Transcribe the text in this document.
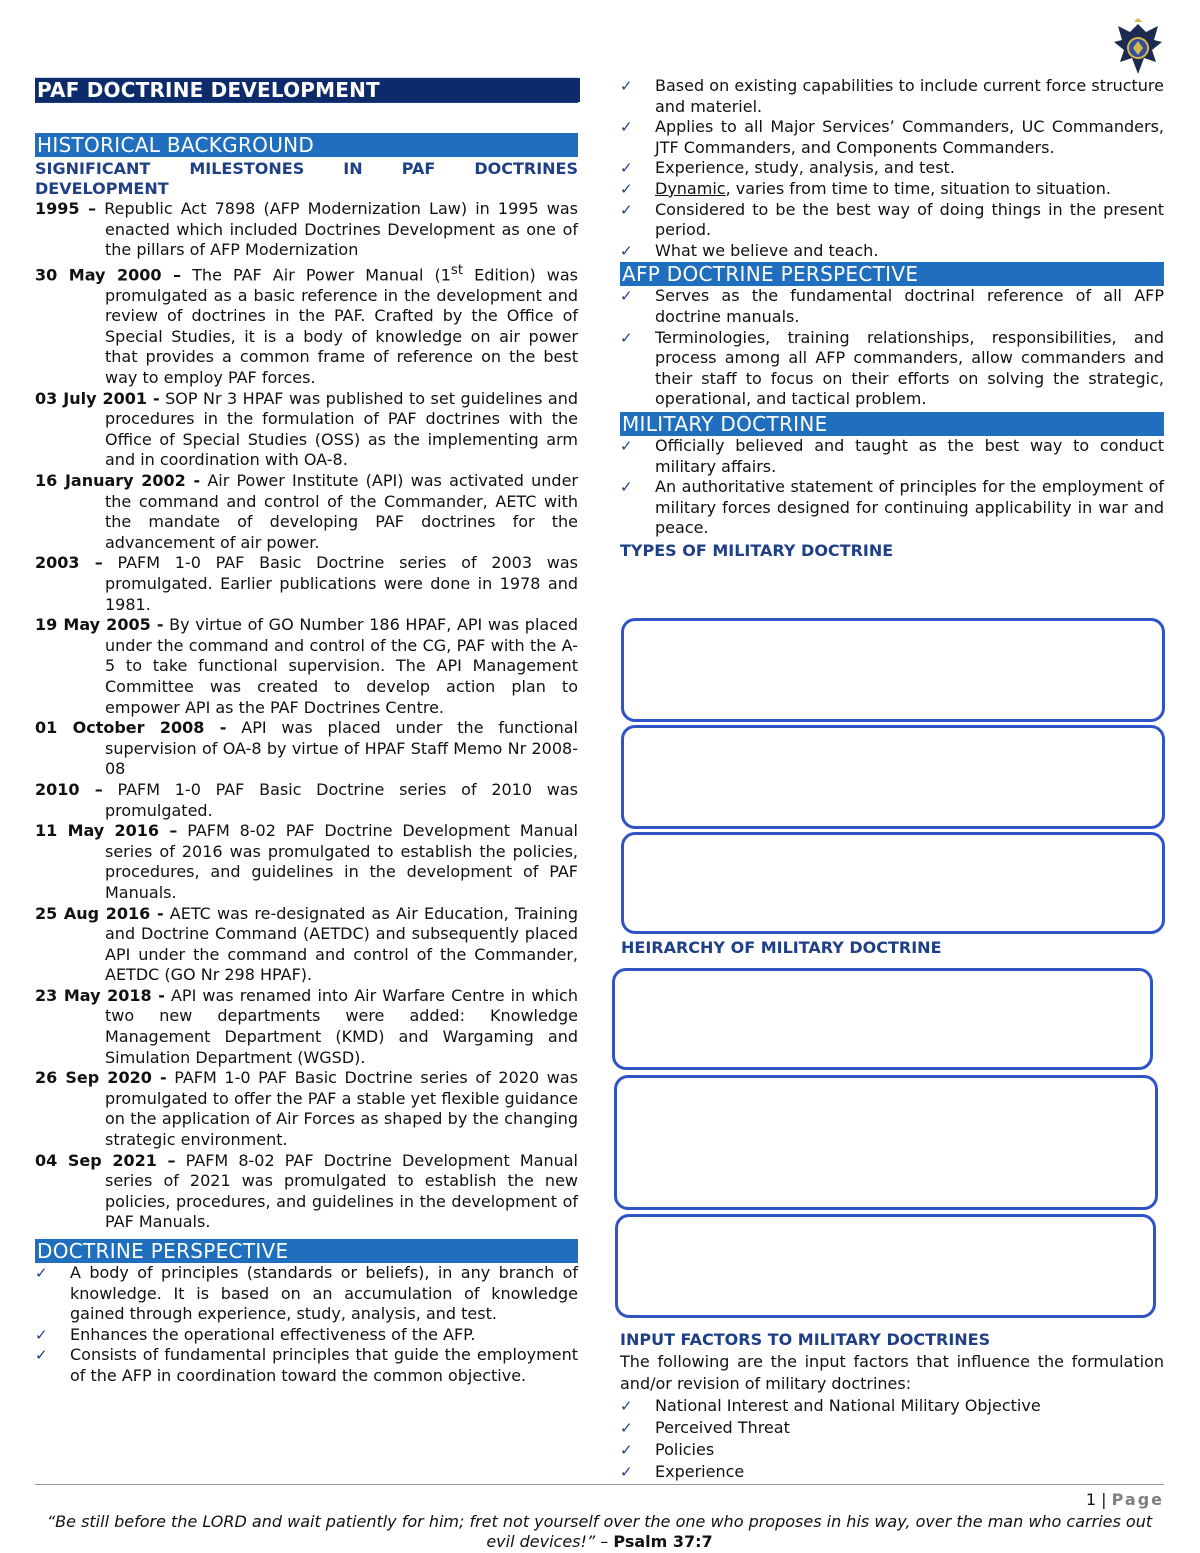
PAF DOCTRINE DEVELOPMENT
HISTORICAL BACKGROUND
SIGNIFICANT MILESTONES IN PAF DOCTRINES DEVELOPMENT

1995 – Republic Act 7898 (AFP Modernization Law) in 1995 was enacted which included Doctrines Development as one of the pillars of AFP Modernization

30 May 2000 – The PAF Air Power Manual (1st Edition) was promulgated as a basic reference in the development and review of doctrines in the PAF. Crafted by the Office of Special Studies, it is a body of knowledge on air power that provides a common frame of reference on the best way to employ PAF forces.

03 July 2001 - SOP Nr 3 HPAF was published to set guidelines and procedures in the formulation of PAF doctrines with the Office of Special Studies (OSS) as the implementing arm and in coordination with OA-8.

16 January 2002 - Air Power Institute (API) was activated under the command and control of the Commander, AETC with the mandate of developing PAF doctrines for the advancement of air power.

2003 – PAFM 1-0 PAF Basic Doctrine series of 2003 was promulgated. Earlier publications were done in 1978 and 1981.

19 May 2005 - By virtue of GO Number 186 HPAF, API was placed under the command and control of the CG, PAF with the A-5 to take functional supervision. The API Management Committee was created to develop action plan to empower API as the PAF Doctrines Centre.

01 October 2008 - API was placed under the functional supervision of OA-8 by virtue of HPAF Staff Memo Nr 2008-08

2010 – PAFM 1-0 PAF Basic Doctrine series of 2010 was promulgated.

11 May 2016 – PAFM 8-02 PAF Doctrine Development Manual series of 2016 was promulgated to establish the policies, procedures, and guidelines in the development of PAF Manuals.

25 Aug 2016 - AETC was re-designated as Air Education, Training and Doctrine Command (AETDC) and subsequently placed API under the command and control of the Commander, AETDC (GO Nr 298 HPAF).

23 May 2018 - API was renamed into Air Warfare Centre in which two new departments were added: Knowledge Management Department (KMD) and Wargaming and Simulation Department (WGSD).

26 Sep 2020 - PAFM 1-0 PAF Basic Doctrine series of 2020 was promulgated to offer the PAF a stable yet flexible guidance on the application of Air Forces as shaped by the changing strategic environment.

04 Sep 2021 – PAFM 8-02 PAF Doctrine Development Manual series of 2021 was promulgated to establish the new policies, procedures, and guidelines in the development of PAF Manuals.

DOCTRINE PERSPECTIVE
✓ A body of principles (standards or beliefs), in any branch of knowledge. It is based on an accumulation of knowledge gained through experience, study, analysis, and test.
✓ Enhances the operational effectiveness of the AFP.
✓ Consists of fundamental principles that guide the employment of the AFP in coordination toward the common objective.
✓ Based on existing capabilities to include current force structure and materiel.
✓ Applies to all Major Services’ Commanders, UC Commanders, JTF Commanders, and Components Commanders.
✓ Experience, study, analysis, and test.
✓ Dynamic, varies from time to time, situation to situation.
✓ Considered to be the best way of doing things in the present period.
✓ What we believe and teach.
AFP DOCTRINE PERSPECTIVE
✓ Serves as the fundamental doctrinal reference of all AFP doctrine manuals.
✓ Terminologies, training relationships, responsibilities, and process among all AFP commanders, allow commanders and their staff to focus on their efforts on solving the strategic, operational, and tactical problem.
MILITARY DOCTRINE
✓ Officially believed and taught as the best way to conduct military affairs.
✓ An authoritative statement of principles for the employment of military forces designed for continuing applicability in war and peace.
TYPES OF MILITARY DOCTRINE
HEIRARCHY OF MILITARY DOCTRINE
INPUT FACTORS TO MILITARY DOCTRINES
The following are the input factors that influence the formulation and/or revision of military doctrines:
✓ National Interest and National Military Objective
✓ Perceived Threat
✓ Policies
✓ Experience
1 | Page
“Be still before the LORD and wait patiently for him; fret not yourself over the one who proposes in his way, over the man who carries out evil devices!” – Psalm 37:7
